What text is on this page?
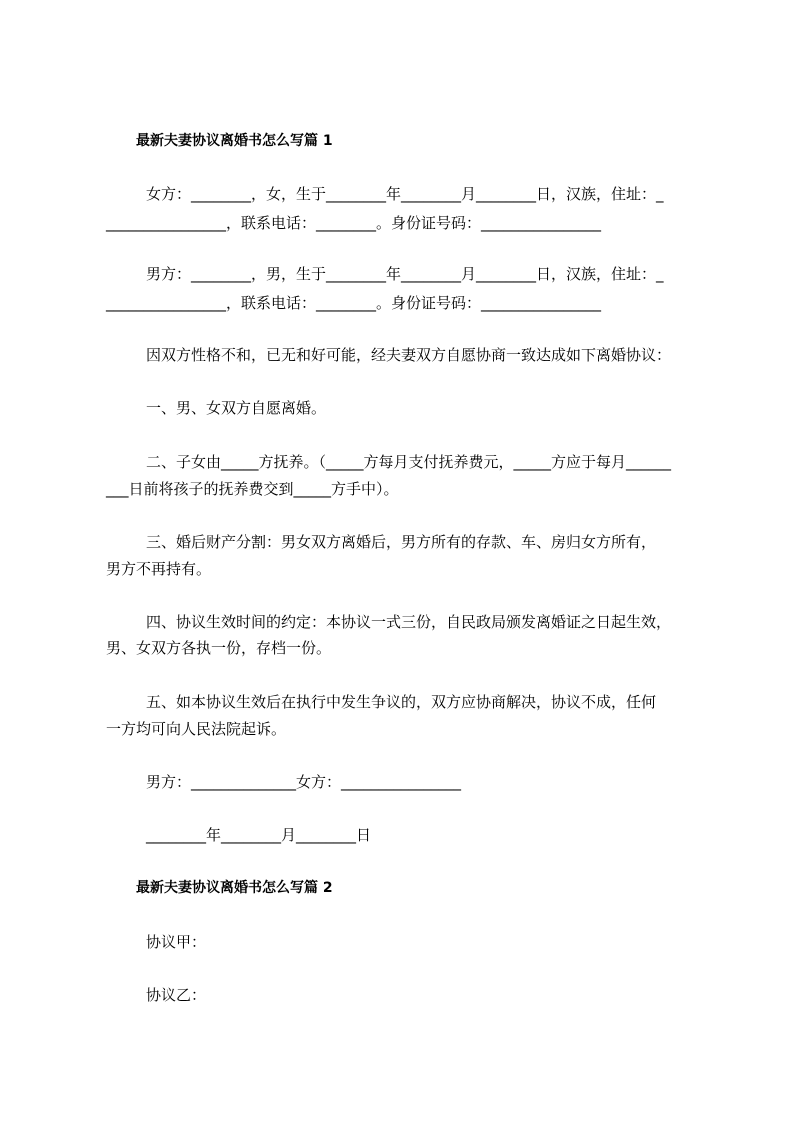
最新夫妻协议离婚书怎么写篇 1
女方：________，女，生于________年________月________日，汉族，住址：_
________________，联系电话：________。身份证号码：________________
男方：________，男，生于________年________月________日，汉族，住址：_
________________，联系电话：________。身份证号码：________________
因双方性格不和，已无和好可能，经夫妻双方自愿协商一致达成如下离婚协议：
一、男、女双方自愿离婚。
二、子女由_____方抚养。（_____方每月支付抚养费元，_____方应于每月______
___日前将孩子的抚养费交到_____方手中）。
三、婚后财产分割：男女双方离婚后，男方所有的存款、车、房归女方所有，
男方不再持有。
四、协议生效时间的约定：本协议一式三份，自民政局颁发离婚证之日起生效，
男、女双方各执一份，存档一份。
五、如本协议生效后在执行中发生争议的，双方应协商解决，协议不成，任何
一方均可向人民法院起诉。
男方：______________女方：________________
________年________月________日
最新夫妻协议离婚书怎么写篇 2
协议甲：
协议乙：
